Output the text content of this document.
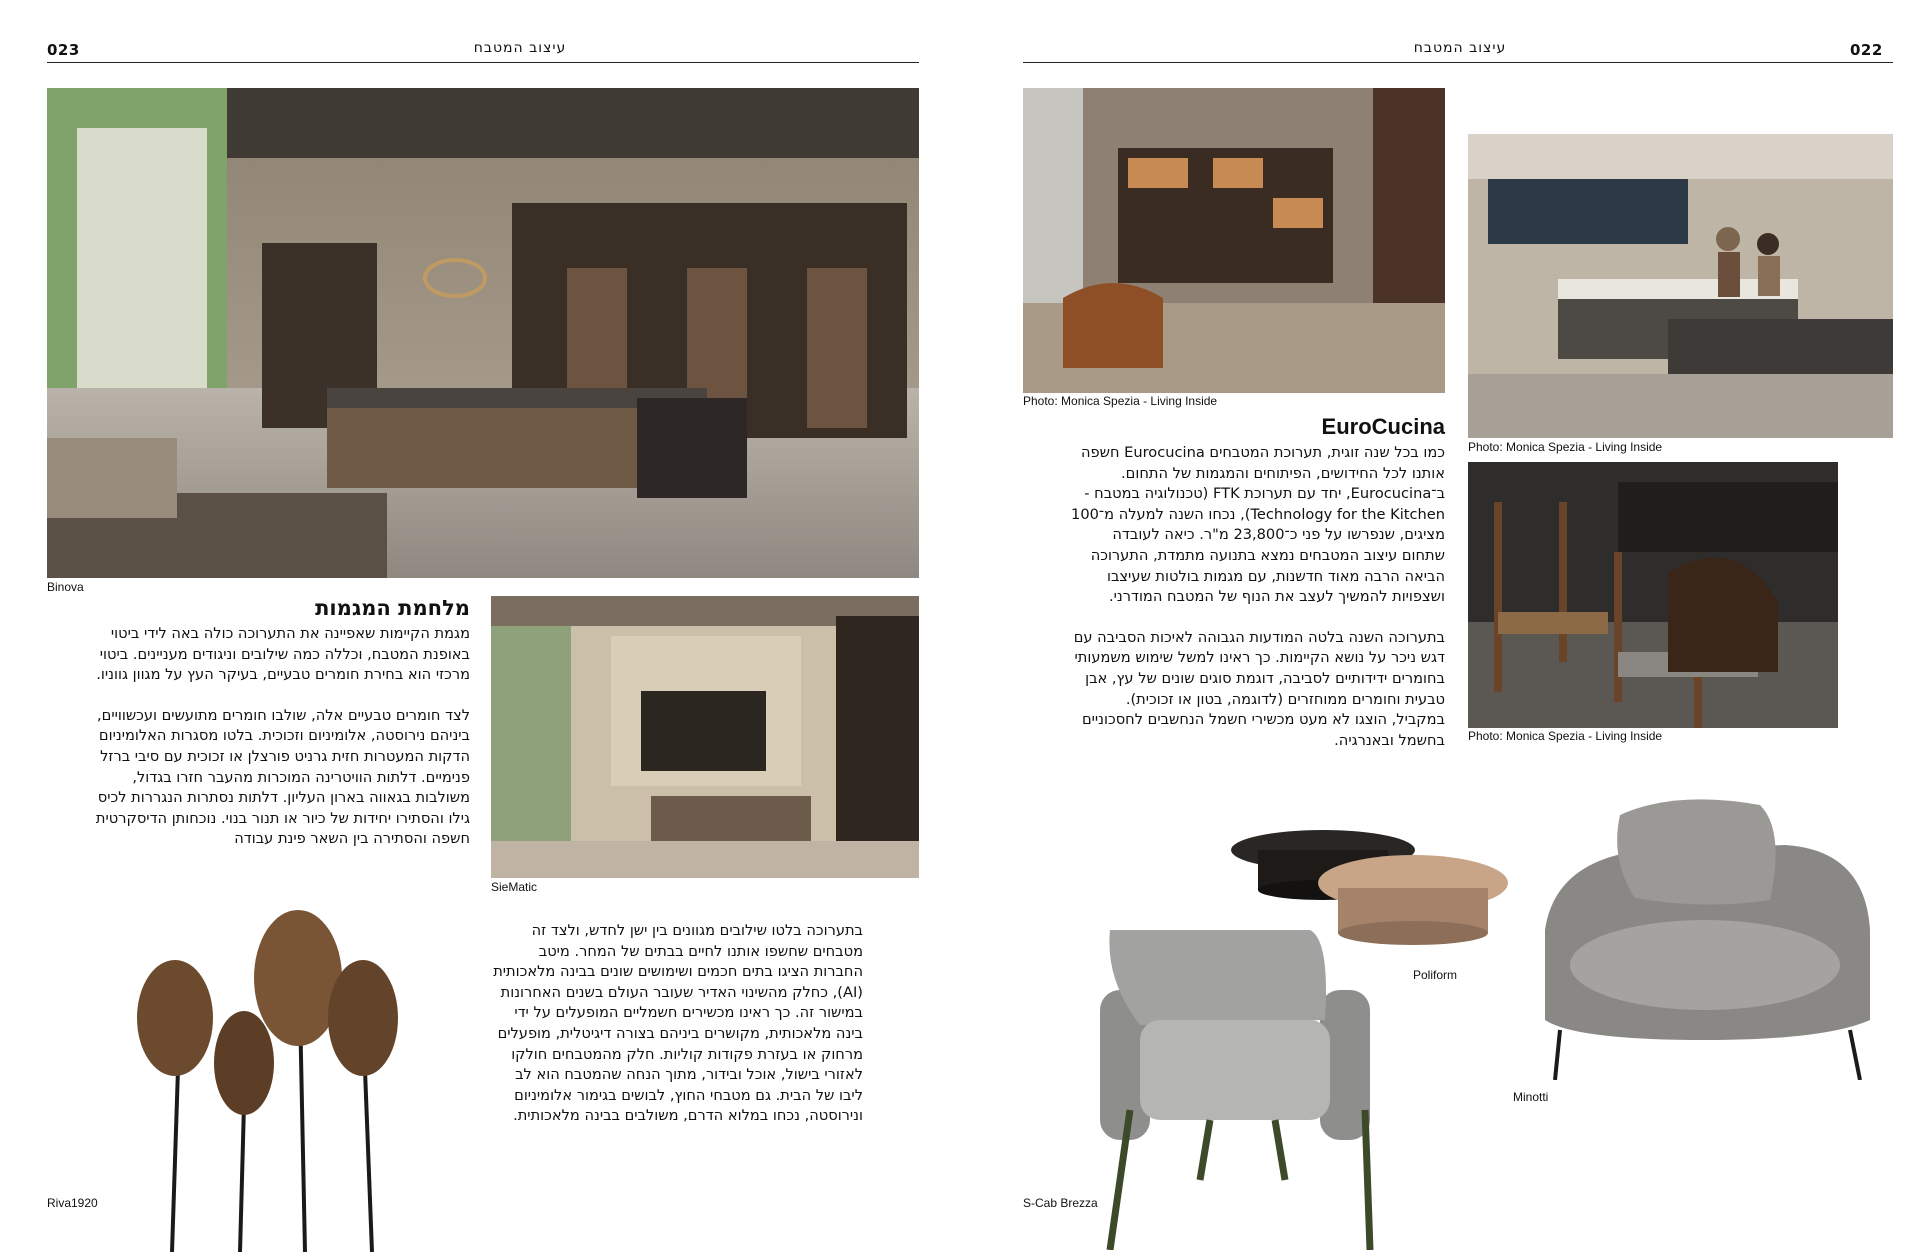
023	עיצוב המטבח
Binova
מלחמת המגמות

מגמת הקיימות שאפיינה את התערוכה כולה באה לידי ביטוי באופנת המטבח, וכללה כמה שילובים וניגודים מעניינים. ביטוי מרכזי הוא בחירת חומרים טבעיים, בעיקר העץ על מגוון גווניו.

לצד חומרים טבעיים אלה, שולבו חומרים מתועשים ועכשוויים, ביניהם נירוסטה, אלומיניום וזכוכית. בלטו מסגרות האלומיניום הדקות המעטרות חזית גרניט פורצלן או זכוכית עם סיבי ברזל פנימיים. דלתות הוויטרינה המוכרות מהעבר חזרו בגדול, משולבות בגאווה בארון העליון. דלתות נסתרות הנגררות לכיס גילו והסתירו יחידות של כיור או תנור בנוי. נוכחותן הדיסקרטית חשפה והסתירה בין השאר פינת עבודה

SieMatic
בתערוכה בלטו שילובים מגוונים בין ישן לחדש, ולצד זה מטבחים שחשפו אותנו לחיים בבתים של המחר. מיטב החברות הציגו בתים חכמים ושימושים שונים בבינה מלאכותית (AI), כחלק מהשינוי האדיר שעובר העולם בשנים האחרונות במישור זה. כך ראינו מכשירים חשמליים המופעלים על ידי בינה מלאכותית, מקושרים ביניהם בצורה דיגיטלית, מופעלים מרחוק או בעזרת פקודות קוליות. חלק מהמטבחים חולקו לאזורי בישול, אוכל ובידור, מתוך הנחה שהמטבח הוא לב ליבו של הבית. גם מטבחי החוץ, לבושים בגימור אלומיניום ונירוסטה, נכחו במלוא הדרם, משולבים בבינה מלאכותית.
Riva1920
022
עיצוב המטבח
Photo: Monica Spezia - Living Inside
Photo: Monica Spezia - Living Inside
Photo: Monica Spezia - Living Inside
EuroCucina

כמו בכל שנה זוגית, תערוכת המטבחים Eurocucina חשפה אותנו לכל החידושים, הפיתוחים והמגמות של התחום. ב־Eurocucina, יחד עם תערוכת FTK (טכנולוגיה במטבח - Technology for the Kitchen), נכחו השנה למעלה מ־100 מציגים, שנפרשו על פני כ־23,800 מ"ר. כיאה לעובדה שתחום עיצוב המטבחים נמצא בתנועה מתמדת, התערוכה הביאה הרבה מאוד חדשנות, עם מגמות בולטות שעיצבו ושצפויות להמשיך לעצב את הנוף של המטבח המודרני.

בתערוכה השנה בלטה המודעות הגבוהה לאיכות הסביבה עם דגש ניכר על נושא הקיימות. כך ראינו למשל שימוש משמעותי בחומרים ידידותיים לסביבה, דוגמת סוגים שונים של עץ, אבן טבעית וחומרים ממוחזרים (לדוגמה, בטון או זכוכית). במקביל, הוצגו לא מעט מכשירי חשמל הנחשבים לחסכוניים בחשמל ובאנרגיה.

Poliform
Minotti
S-Cab Brezza
